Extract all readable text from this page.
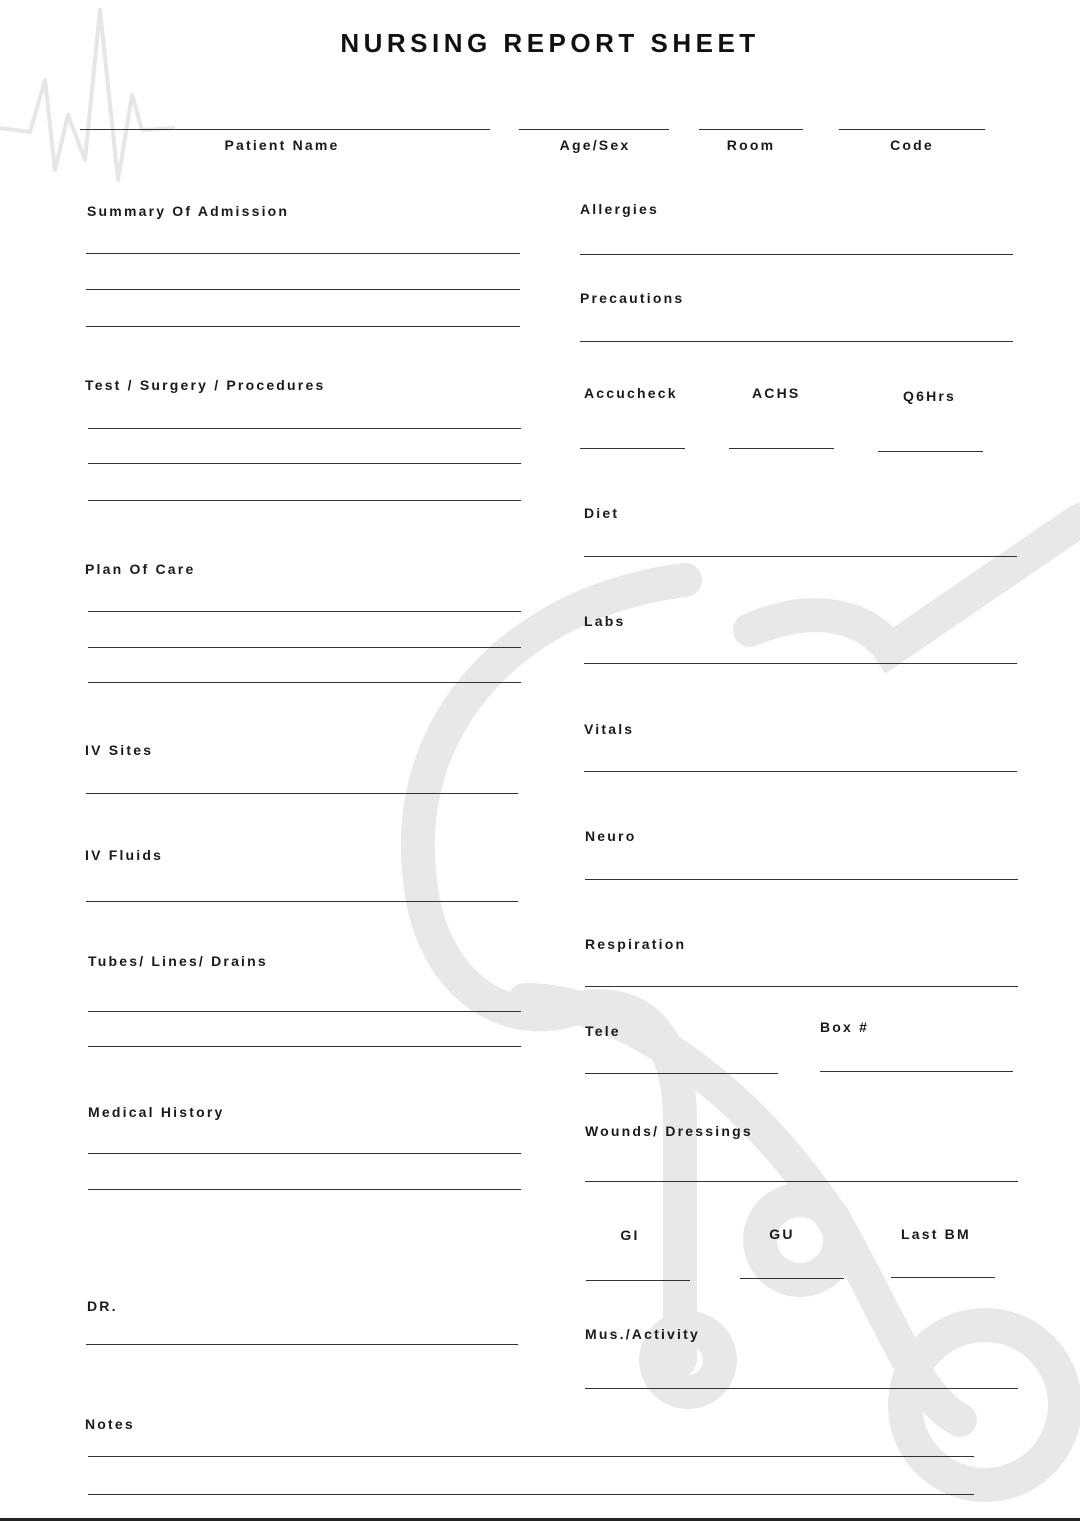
NURSING REPORT SHEET
Patient Name	Age/Sex	Room	Code
Summary Of Admission
Test / Surgery / Procedures
Plan Of Care
IV Sites
IV Fluids
Tubes/ Lines/ Drains
Medical History
DR.
Notes
Allergies
Precautions
Accucheck	ACHS	Q6Hrs
Diet
Labs
Vitals
Neuro
Respiration
Tele	Box #
Wounds/ Dressings
GI	GU	Last BM
Mus./Activity
